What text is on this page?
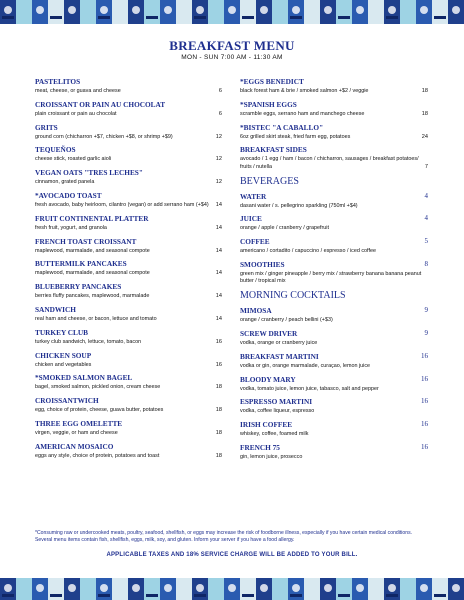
BREAKFAST MENU
MON - SUN 7:00 AM - 11:30 AM
PASTELITOS
meat, cheese, or guava and cheese	6
CROISSANT OR PAIN AU CHOCOLAT
plain croissant or pain au chocolat	6
GRITS
ground corn (chicharron +$7, chicken +$8, or shrimp +$9)	12
TEQUEÑOS
cheese stick, roasted garlic aioli	12
VEGAN OATS "TRES LECHES"
cinnamon, grated panela	12
*AVOCADO TOAST
fresh avocado, baby heirloom, cilantro (vegan) or add serrano ham (+$4)	14
FRUIT CONTINENTAL PLATTER
fresh fruit, yogurt, and granola	14
FRENCH TOAST CROISSANT
maplewood, marmalade, and seasonal compote	14
BUTTERMILK PANCAKES
maplewood, marmalade, and seasonal compote	14
BLUEBERRY PANCAKES
berries fluffy pancakes, maplewood, marmalade	14
SANDWICH
real ham and cheese, or bacon, lettuce and tomato	14
TURKEY CLUB
turkey club sandwich, lettuce, tomato, bacon	16
CHICKEN SOUP
chicken and vegetables	16
*SMOKED SALMON BAGEL
bagel, smoked salmon, pickled onion, cream cheese	18
CROISSANTWICH
egg, choice of protein, cheese, guava butter, potatoes	18
THREE EGG OMELETTE
virgen, veggie, or ham and cheese	18
AMERICAN MOSAICO
eggs any style, choice of protein, potatoes and toast	18
*EGGS BENEDICT
black forest ham & brie / smoked salmon +$2 / veggie	18
*SPANISH EGGS
scramble eggs, serrano ham and manchego cheese	18
*BISTEC "A CABALLO"
6oz grilled skirt steak, fried farm egg, potatoes	24
BREAKFAST SIDES
avocado / 1 egg / ham / bacon / chicharron, sausages / breakfast potatoes/ fruits / nutella	7
BEVERAGES
WATER	4
dasani water / s. pellegrino sparkling (750ml +$4)
JUICE	4
orange / apple / cranberry / grapefruit
COFFEE	5
americano / cortadito / capuccino / espresso / iced coffee
SMOOTHIES	8
green mix / ginger pineapple / berry mix / strawberry banana banana peanut butter / tropical mix
MORNING COCKTAILS
MIMOSA	9
orange / cranberry / peach bellini (+$3)
SCREW DRIVER	9
vodka, orange or cranberry juice
BREAKFAST MARTINI	16
vodka or gin, orange marmalade, curaçao, lemon juice
BLOODY MARY	16
vodka, tomato juice, lemon juice, tabasco, salt and pepper
ESPRESSO MARTINI	16
vodka, coffee liqueur, espresso
IRISH COFFEE	16
whiskey, coffee, foamed milk
FRENCH 75	16
gin, lemon juice, prosecco
*Consuming raw or undercooked meats, poultry, seafood, shellfish, or eggs may increase the risk of foodborne illness, especially if you have certain medical conditions. Several menu items contain fish, shellfish, eggs, milk, soy, and gluten. Inform your server if you have a food allergy.
APPLICABLE TAXES AND 18% SERVICE CHARGE WILL BE ADDED TO YOUR BILL.
